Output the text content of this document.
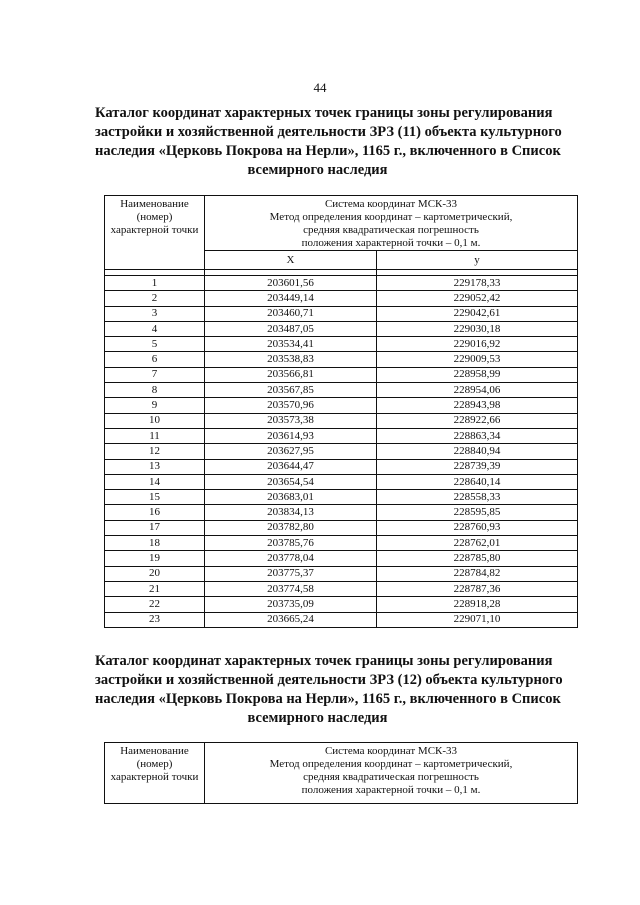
44
Каталог координат характерных точек границы зоны регулирования
застройки и хозяйственной деятельности ЗРЗ (11) объекта культурного
наследия «Церковь Покрова на Нерли», 1165 г., включенного в Список
всемирного наследия
Наименование
(номер)
характерной точки	Система координат МСК-33
Метод определения координат – картометрический,
средняя квадратическая погрешность
положения характерной точки – 0,1 м.	

	X	у

1	203601,56	229178,33
2	203449,14	229052,42
3	203460,71	229042,61
4	203487,05	229030,18
5	203534,41	229016,92
6	203538,83	229009,53
7	203566,81	228958,99
8	203567,85	228954,06
9	203570,96	228943,98
10	203573,38	228922,66
11	203614,93	228863,34
12	203627,95	228840,94
13	203644,47	228739,39
14	203654,54	228640,14
15	203683,01	228558,33
16	203834,13	228595,85
17	203782,80	228760,93
18	203785,76	228762,01
19	203778,04	228785,80
20	203775,37	228784,82
21	203774,58	228787,36
22	203735,09	228918,28
23	203665,24	229071,10
Каталог координат характерных точек границы зоны регулирования
застройки и хозяйственной деятельности ЗРЗ (12) объекта культурного
наследия «Церковь Покрова на Нерли», 1165 г., включенного в Список
всемирного наследия
Наименование
(номер)
характерной точки

Система координат МСК-33
Метод определения координат – картометрический,
средняя квадратическая погрешность
положения характерной точки – 0,1 м.
